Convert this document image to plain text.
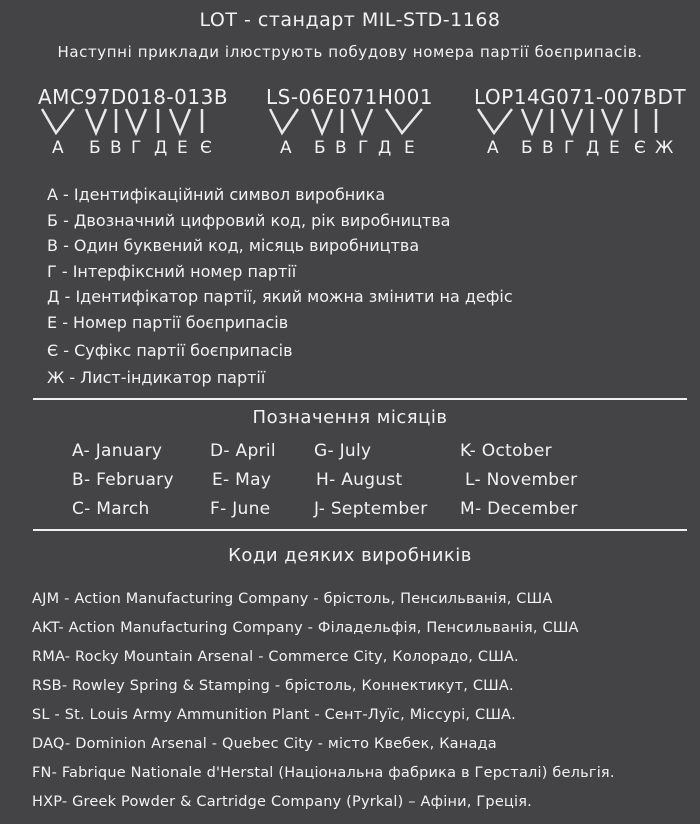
LOT - стандарт MIL-STD-1168
Наступні приклади ілюструють побудову номера партії боєприпасів.
AMC97D018-013B
А Б В Г Д Е Є
LS-06E071H001
А Б В Г Д Е
LOP14G071-007BDT
А Б В Г Д Е Є Ж
А - Ідентифікаційний символ виробника
Б - Двозначний цифровий код, рік виробництва
В - Один буквений код, місяць виробництва
Г - Інтерфіксний номер партії
Д - Ідентифікатор партії, який можна змінити на дефіс
Е - Номер партії боєприпасів
Є - Суфікс партії боєприпасів
Ж - Лист-індикатор партії
Позначення місяців
A- January	D- April G- July	K- October
B- February E- May	H- August	L- November
C- March	F- June	J- September M- December
Коди деяких виробників
AJM - Action Manufacturing Company - брістоль, Пенсильванія, США
AKT- Action Manufacturing Company - Філадельфія, Пенсильванія, США
RMA- Rocky Mountain Arsenal - Commerce City, Колорадо, США.
RSB- Rowley Spring & Stamping - брістоль, Коннектикут, США.
SL - St. Louis Army Ammunition Plant - Сент-Луїс, Міссурі, США.
DAQ- Dominion Arsenal - Quebec City - місто Квебек, Канада
FN- Fabrique Nationale d'Herstal (Національна фабрика в Герсталі) бельгія.
HXP- Greek Powder & Cartridge Company (Pyrkal) – Афіни, Греція.
